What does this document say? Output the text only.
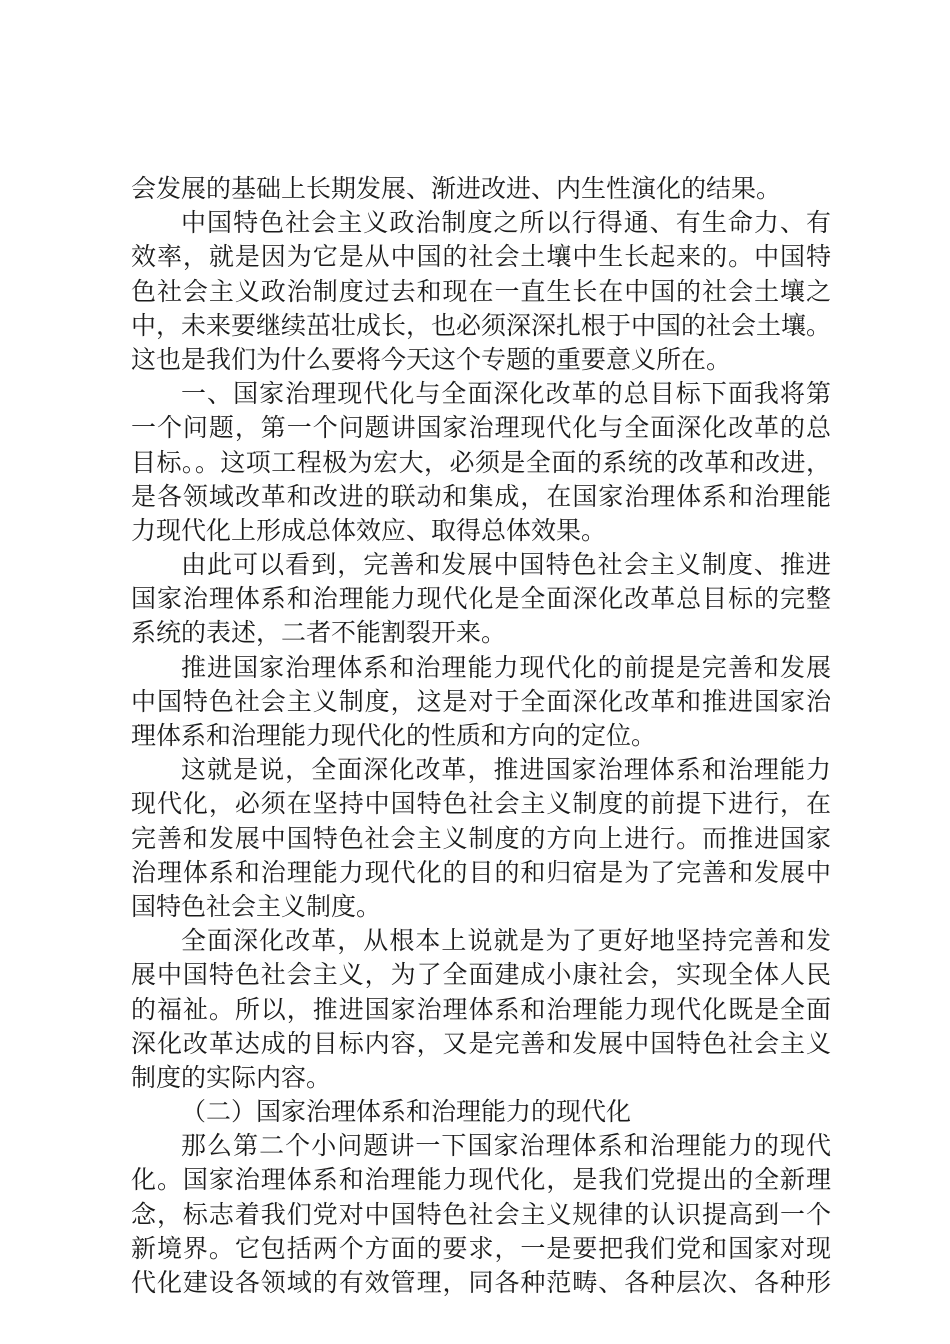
会发展的基础上长期发展、渐进改进、内生性演化的结果。
中国特色社会主义政治制度之所以行得通、有生命力、有
效率，就是因为它是从中国的社会土壤中生长起来的。中国特
色社会主义政治制度过去和现在一直生长在中国的社会土壤之
中，未来要继续茁壮成长，也必须深深扎根于中国的社会土壤。
这也是我们为什么要将今天这个专题的重要意义所在。
一、国家治理现代化与全面深化改革的总目标下面我将第
一个问题，第一个问题讲国家治理现代化与全面深化改革的总
目标。。这项工程极为宏大，必须是全面的系统的改革和改进，
是各领域改革和改进的联动和集成，在国家治理体系和治理能
力现代化上形成总体效应、取得总体效果。
由此可以看到，完善和发展中国特色社会主义制度、推进
国家治理体系和治理能力现代化是全面深化改革总目标的完整
系统的表述，二者不能割裂开来。
推进国家治理体系和治理能力现代化的前提是完善和发展
中国特色社会主义制度，这是对于全面深化改革和推进国家治
理体系和治理能力现代化的性质和方向的定位。
这就是说，全面深化改革，推进国家治理体系和治理能力
现代化，必须在坚持中国特色社会主义制度的前提下进行，在
完善和发展中国特色社会主义制度的方向上进行。而推进国家
治理体系和治理能力现代化的目的和归宿是为了完善和发展中
国特色社会主义制度。
全面深化改革，从根本上说就是为了更好地坚持完善和发
展中国特色社会主义，为了全面建成小康社会，实现全体人民
的福祉。所以，推进国家治理体系和治理能力现代化既是全面
深化改革达成的目标内容，又是完善和发展中国特色社会主义
制度的实际内容。
（二）国家治理体系和治理能力的现代化
那么第二个小问题讲一下国家治理体系和治理能力的现代
化。国家治理体系和治理能力现代化，是我们党提出的全新理
念，标志着我们党对中国特色社会主义规律的认识提高到一个
新境界。它包括两个方面的要求，一是要把我们党和国家对现
代化建设各领域的有效管理，同各种范畴、各种层次、各种形
